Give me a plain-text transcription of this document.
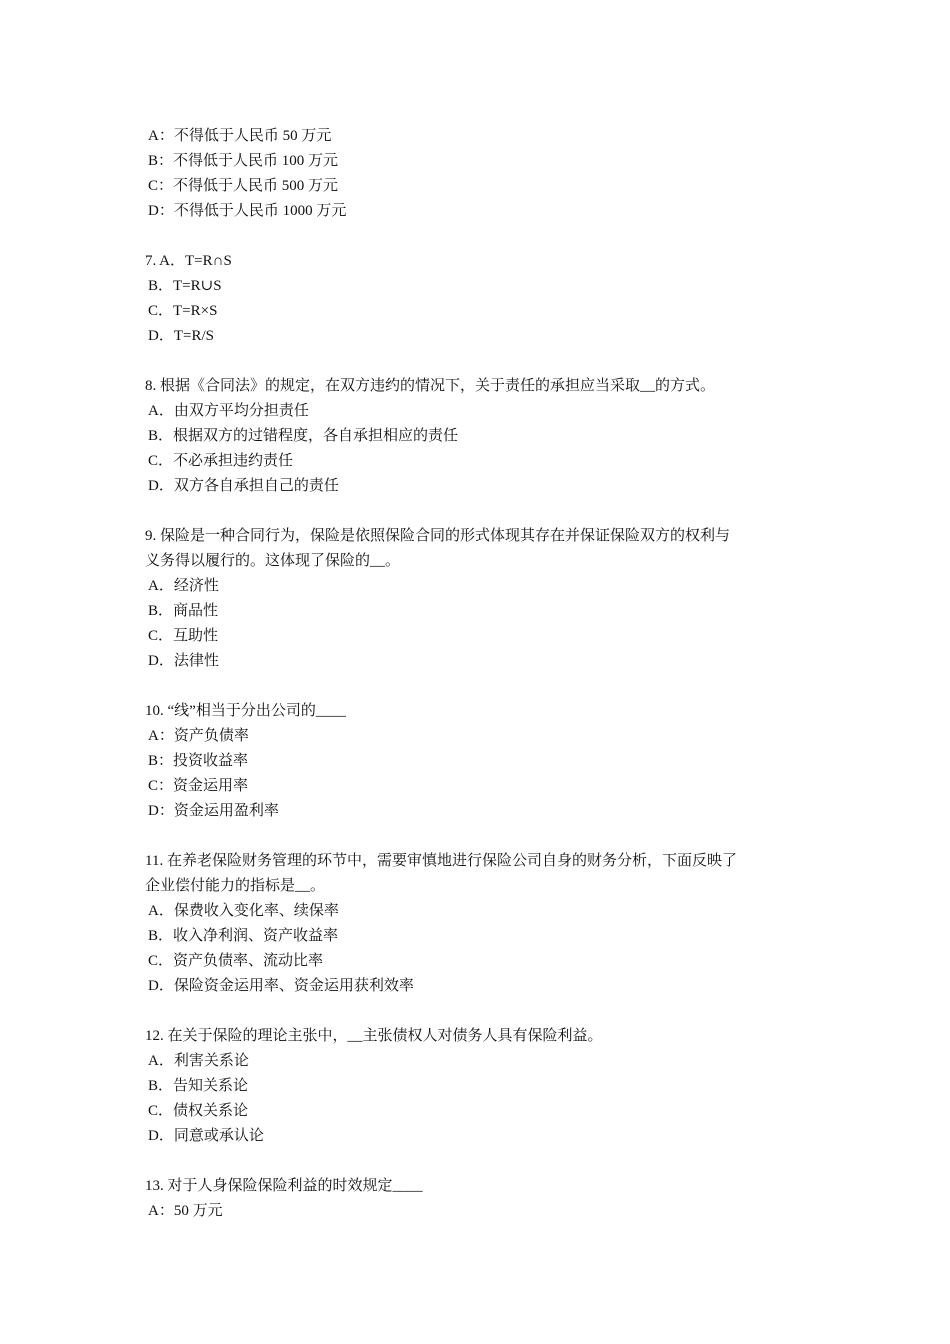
A：不得低于人民币 50 万元
B：不得低于人民币 100 万元
C：不得低于人民币 500 万元
D：不得低于人民币 1000 万元
7. A．T=R∩S
B．T=R∪S
C．T=R×S
D．T=R/S
8. 根据《合同法》的规定，在双方违约的情况下，关于责任的承担应当采取__的方式。
A．由双方平均分担责任
B．根据双方的过错程度，各自承担相应的责任
C．不必承担违约责任
D．双方各自承担自己的责任
9. 保险是一种合同行为，保险是依照保险合同的形式体现其存在并保证保险双方的权利与
义务得以履行的。这体现了保险的__。
A．经济性
B．商品性
C．互助性
D．法律性
10. “线”相当于分出公司的____
A：资产负债率
B：投资收益率
C：资金运用率
D：资金运用盈利率
11. 在养老保险财务管理的环节中，需要审慎地进行保险公司自身的财务分析，下面反映了
企业偿付能力的指标是__。
A．保费收入变化率、续保率
B．收入净利润、资产收益率
C．资产负债率、流动比率
D．保险资金运用率、资金运用获利效率
12. 在关于保险的理论主张中，__主张债权人对债务人具有保险利益。
A．利害关系论
B．告知关系论
C．债权关系论
D．同意或承认论
13. 对于人身保险保险利益的时效规定____
A：50 万元
